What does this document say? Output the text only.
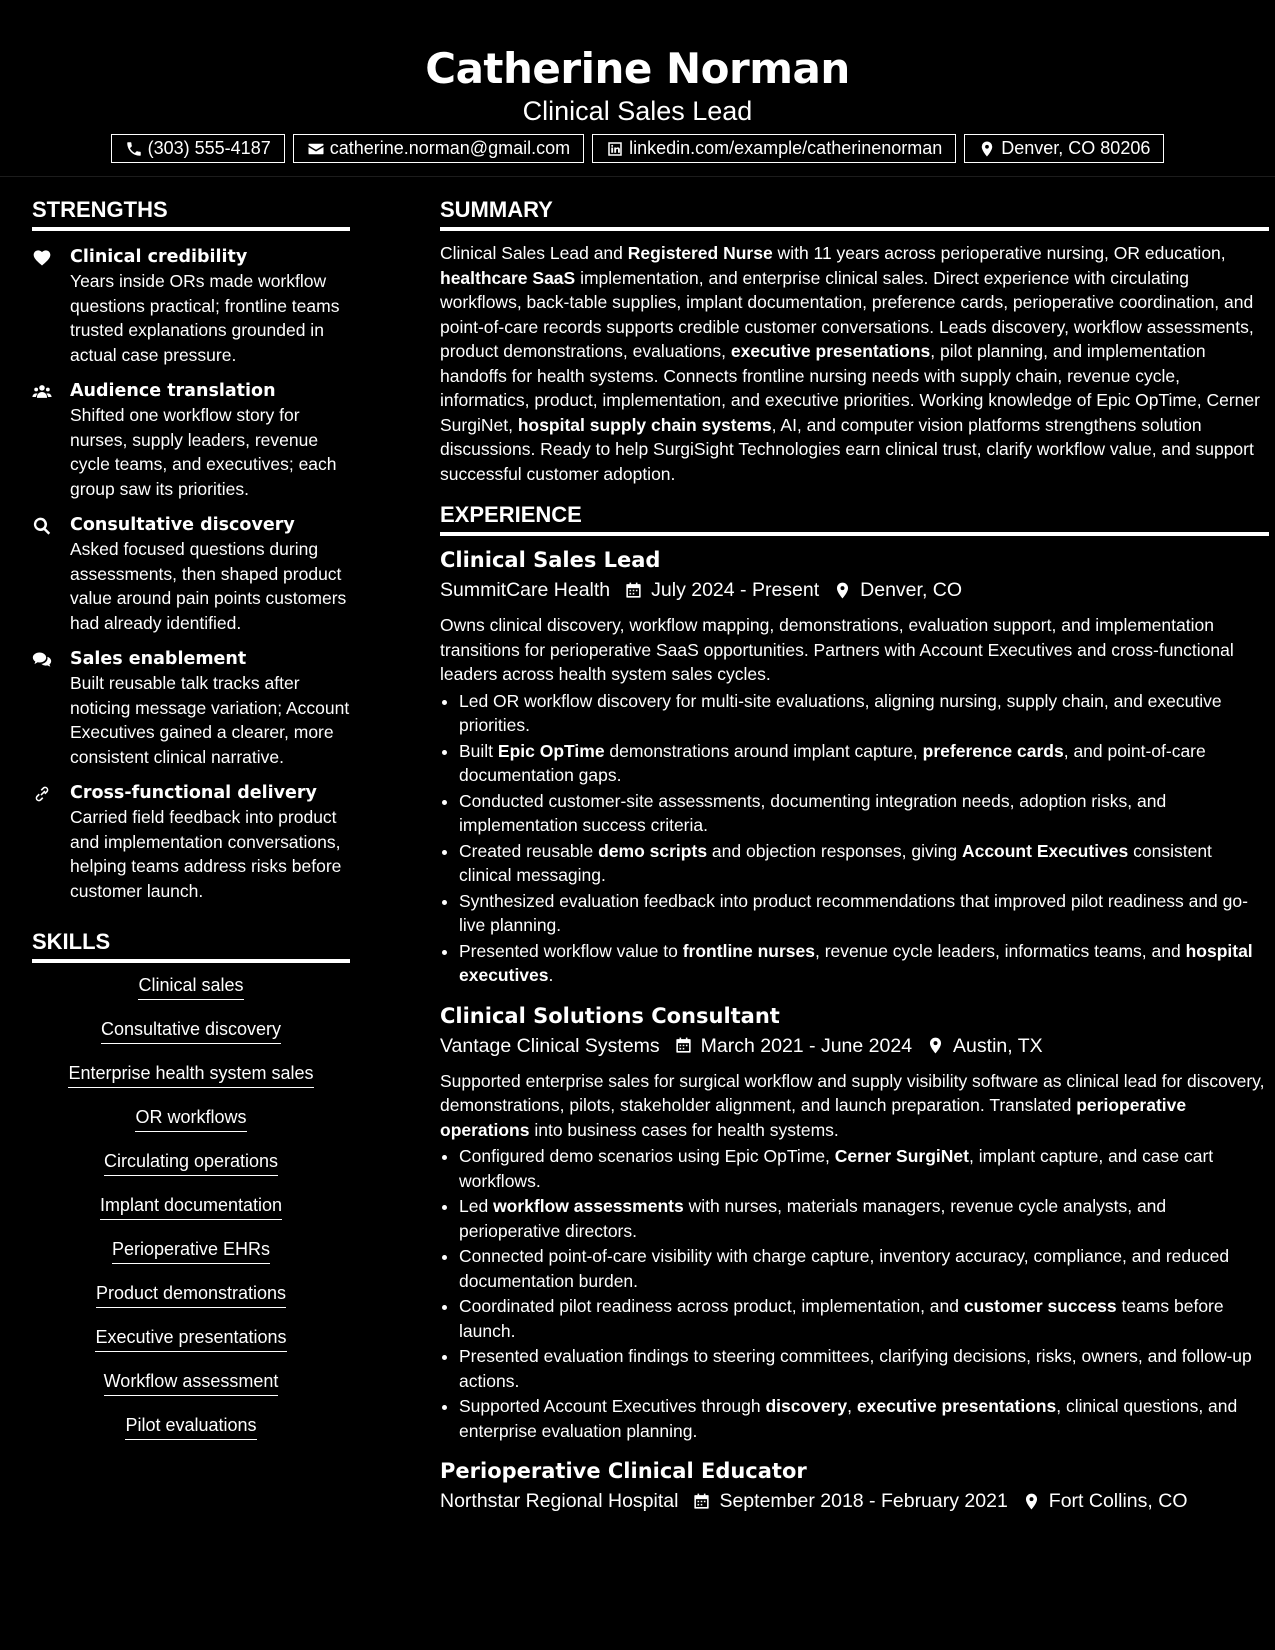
Catherine Norman
Clinical Sales Lead
(303) 555-4187	catherine.norman@gmail.com	linkedin.com/example/catherinenorman	Denver, CO 80206
STRENGTHS
Clinical credibility
Years inside ORs made workflow questions practical; frontline teams trusted explanations grounded in actual case pressure.
Audience translation
Shifted one workflow story for nurses, supply leaders, revenue cycle teams, and executives; each group saw its priorities.
Consultative discovery
Asked focused questions during assessments, then shaped product value around pain points customers had already identified.
Sales enablement
Built reusable talk tracks after noticing message variation; Account Executives gained a clearer, more consistent clinical narrative.
Cross-functional delivery
Carried field feedback into product and implementation conversations, helping teams address risks before customer launch.
SKILLS
Clinical sales
Consultative discovery
Enterprise health system sales
OR workflows
Circulating operations
Implant documentation
Perioperative EHRs
Product demonstrations
Executive presentations
Workflow assessment
Pilot evaluations
SUMMARY
Clinical Sales Lead and Registered Nurse with 11 years across perioperative nursing, OR education, healthcare SaaS implementation, and enterprise clinical sales. Direct experience with circulating workflows, back-table supplies, implant documentation, preference cards, perioperative coordination, and point-of-care records supports credible customer conversations. Leads discovery, workflow assessments, product demonstrations, evaluations, executive presentations, pilot planning, and implementation handoffs for health systems. Connects frontline nursing needs with supply chain, revenue cycle, informatics, product, implementation, and executive priorities. Working knowledge of Epic OpTime, Cerner SurgiNet, hospital supply chain systems, AI, and computer vision platforms strengthens solution discussions. Ready to help SurgiSight Technologies earn clinical trust, clarify workflow value, and support successful customer adoption.
EXPERIENCE
Clinical Sales Lead
SummitCare Health July 2024 - Present Denver, CO
Owns clinical discovery, workflow mapping, demonstrations, evaluation support, and implementation transitions for perioperative SaaS opportunities. Partners with Account Executives and cross-functional leaders across health system sales cycles.
• Led OR workflow discovery for multi-site evaluations, aligning nursing, supply chain, and executive priorities.
• Built Epic OpTime demonstrations around implant capture, preference cards, and point-of-care documentation gaps.
• Conducted customer-site assessments, documenting integration needs, adoption risks, and implementation success criteria.
• Created reusable demo scripts and objection responses, giving Account Executives consistent clinical messaging.
• Synthesized evaluation feedback into product recommendations that improved pilot readiness and go-live planning.
• Presented workflow value to frontline nurses, revenue cycle leaders, informatics teams, and hospital executives.
Clinical Solutions Consultant
Vantage Clinical Systems March 2021 - June 2024 Austin, TX
Supported enterprise sales for surgical workflow and supply visibility software as clinical lead for discovery, demonstrations, pilots, stakeholder alignment, and launch preparation. Translated perioperative operations into business cases for health systems.
• Configured demo scenarios using Epic OpTime, Cerner SurgiNet, implant capture, and case cart workflows.
• Led workflow assessments with nurses, materials managers, revenue cycle analysts, and perioperative directors.
• Connected point-of-care visibility with charge capture, inventory accuracy, compliance, and reduced documentation burden.
• Coordinated pilot readiness across product, implementation, and customer success teams before launch.
• Presented evaluation findings to steering committees, clarifying decisions, risks, owners, and follow-up actions.
• Supported Account Executives through discovery, executive presentations, clinical questions, and enterprise evaluation planning.
Perioperative Clinical Educator
Northstar Regional Hospital September 2018 - February 2021 Fort Collins, CO
